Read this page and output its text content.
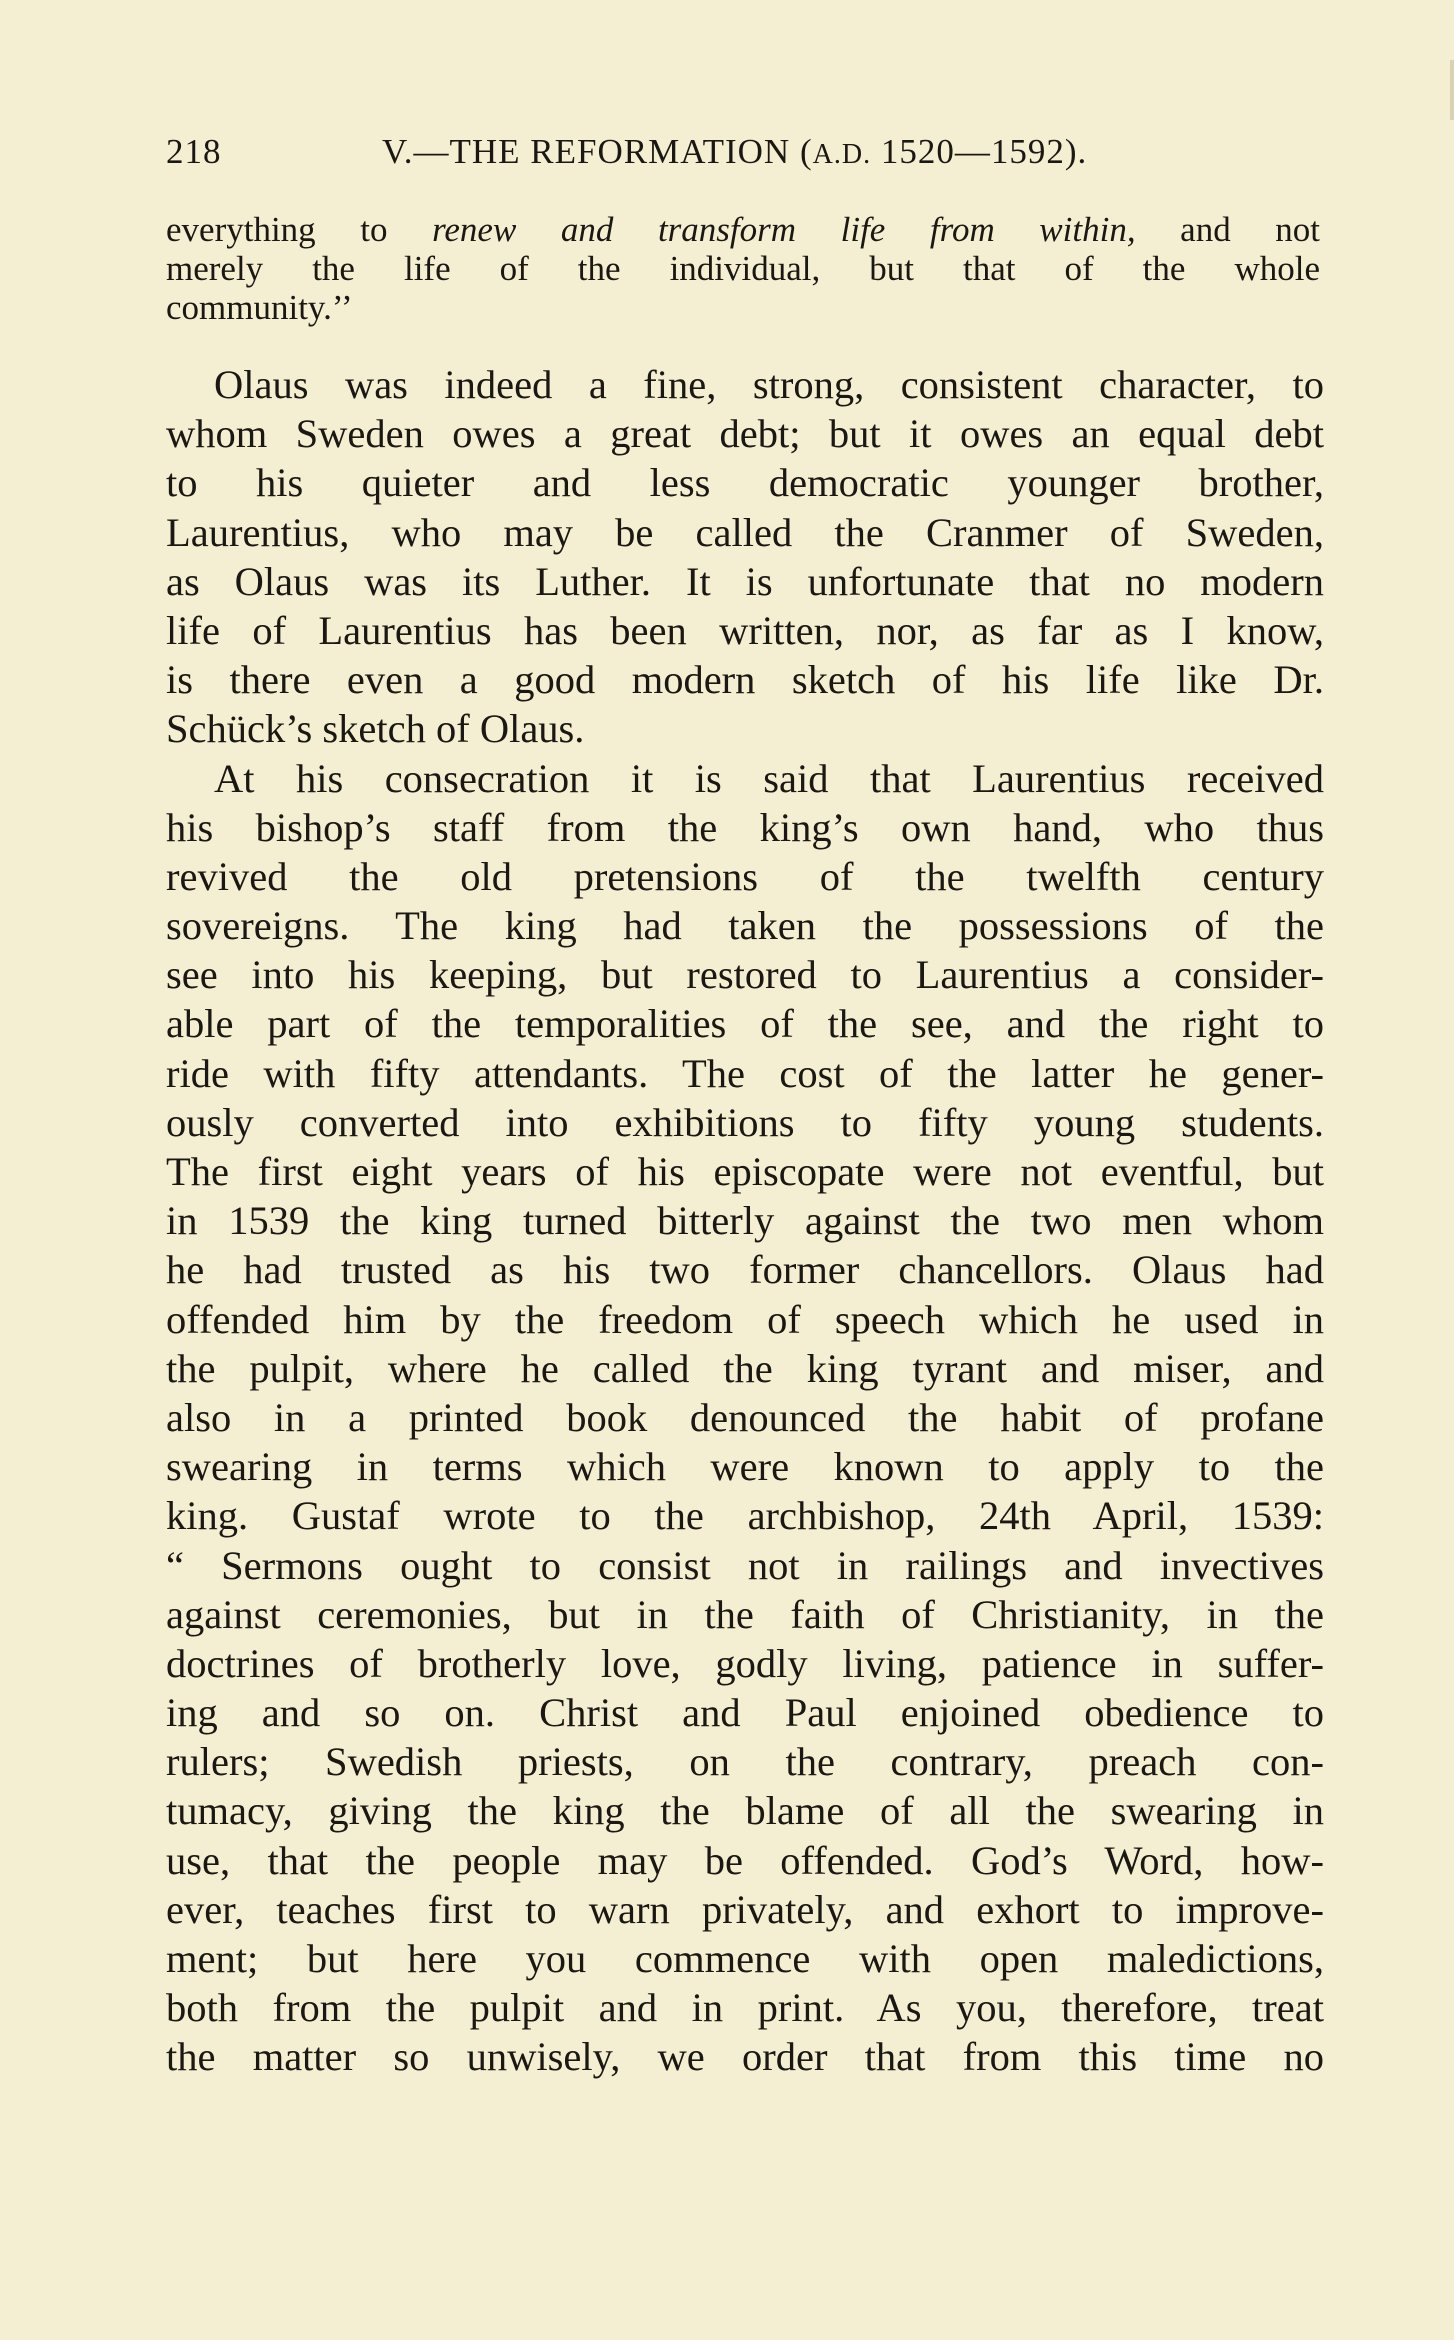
218	V.—THE REFORMATION (A.D. 1520—1592).
everything to renew and transform life from within, and not
merely the life of the individual, but that of the whole
community.’’
Olaus was indeed a fine, strong, consistent character, to
whom Sweden owes a great debt; but it owes an equal debt
to his quieter and less democratic younger brother,
Laurentius, who may be called the Cranmer of Sweden,
as Olaus was its Luther. It is unfortunate that no modern
life of Laurentius has been written, nor, as far as I know,
is there even a good modern sketch of his life like Dr.
Schück’s sketch of Olaus.
At his consecration it is said that Laurentius received
his bishop’s staff from the king’s own hand, who thus
revived the old pretensions of the twelfth century
sovereigns. The king had taken the possessions of the
see into his keeping, but restored to Laurentius a consider-
able part of the temporalities of the see, and the right to
ride with fifty attendants. The cost of the latter he gener-
ously converted into exhibitions to fifty young students.
The first eight years of his episcopate were not eventful, but
in 1539 the king turned bitterly against the two men whom
he had trusted as his two former chancellors. Olaus had
offended him by the freedom of speech which he used in
the pulpit, where he called the king tyrant and miser, and
also in a printed book denounced the habit of profane
swearing in terms which were known to apply to the
king. Gustaf wrote to the archbishop, 24th April, 1539:
“ Sermons ought to consist not in railings and invectives
against ceremonies, but in the faith of Christianity, in the
doctrines of brotherly love, godly living, patience in suffer-
ing and so on. Christ and Paul enjoined obedience to
rulers; Swedish priests, on the contrary, preach con-
tumacy, giving the king the blame of all the swearing in
use, that the people may be offended. God’s Word, how-
ever, teaches first to warn privately, and exhort to improve-
ment; but here you commence with open maledictions,
both from the pulpit and in print. As you, therefore, treat
the matter so unwisely, we order that from this time no
